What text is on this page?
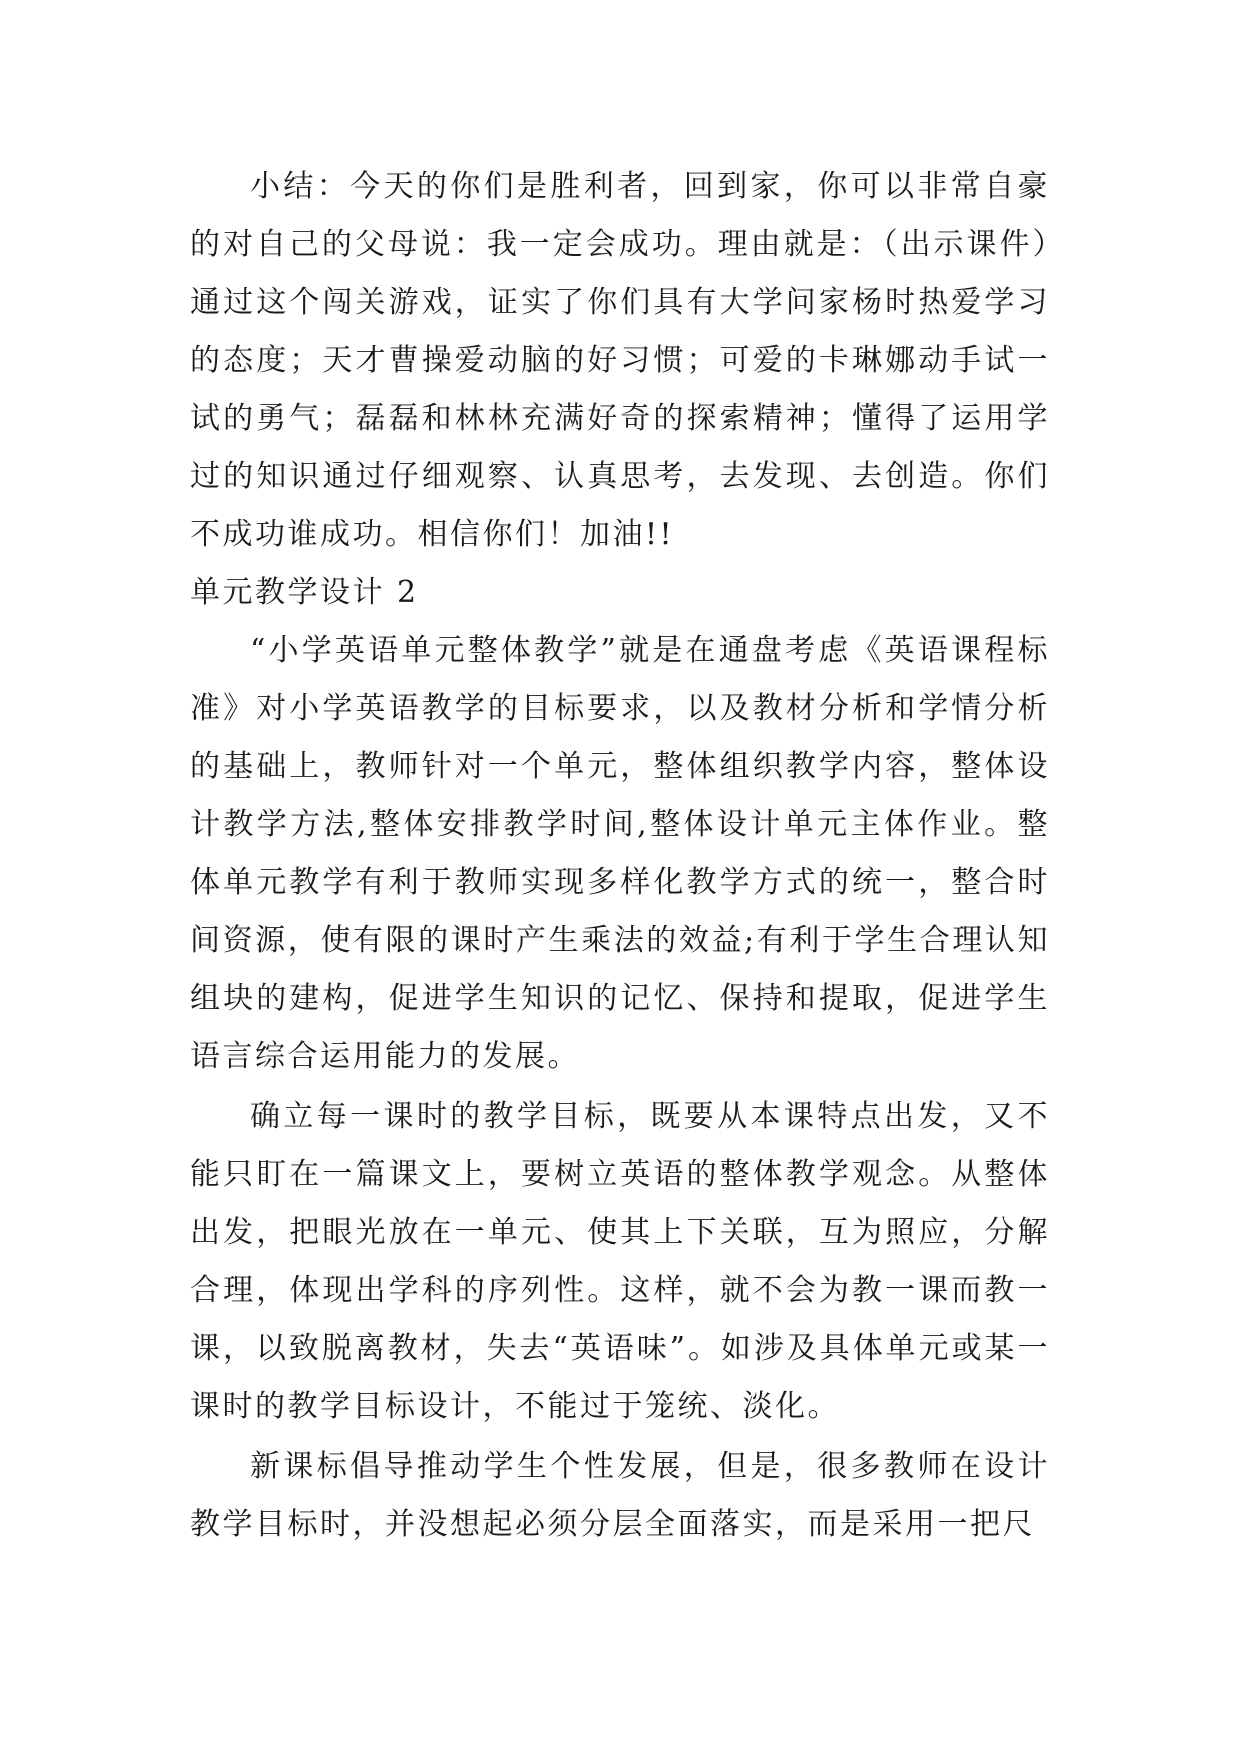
小结：今天的你们是胜利者，回到家，你可以非常自豪的对自己的父母说：我一定会成功。理由就是：（出示课件）通过这个闯关游戏，证实了你们具有大学问家杨时热爱学习的态度；天才曹操爱动脑的好习惯；可爱的卡琳娜动手试一试的勇气；磊磊和林林充满好奇的探索精神；懂得了运用学过的知识通过仔细观察、认真思考，去发现、去创造。你们不成功谁成功。相信你们！加油!!

单元教学设计 2

“小学英语单元整体教学”就是在通盘考虑《英语课程标准》对小学英语教学的目标要求，以及教材分析和学情分析的基础上，教师针对一个单元，整体组织教学内容，整体设计教学方法,整体安排教学时间,整体设计单元主体作业。整体单元教学有利于教师实现多样化教学方式的统一，整合时间资源，使有限的课时产生乘法的效益;有利于学生合理认知组块的建构，促进学生知识的记忆、保持和提取，促进学生语言综合运用能力的发展。

确立每一课时的教学目标，既要从本课特点出发，又不能只盯在一篇课文上，要树立英语的整体教学观念。从整体出发，把眼光放在一单元、使其上下关联，互为照应，分解合理，体现出学科的序列性。这样，就不会为教一课而教一课，以致脱离教材，失去“英语味”。如涉及具体单元或某一课时的教学目标设计，不能过于笼统、淡化。

新课标倡导推动学生个性发展，但是，很多教师在设计教学目标时，并没想起必须分层全面落实，而是采用一把尺
